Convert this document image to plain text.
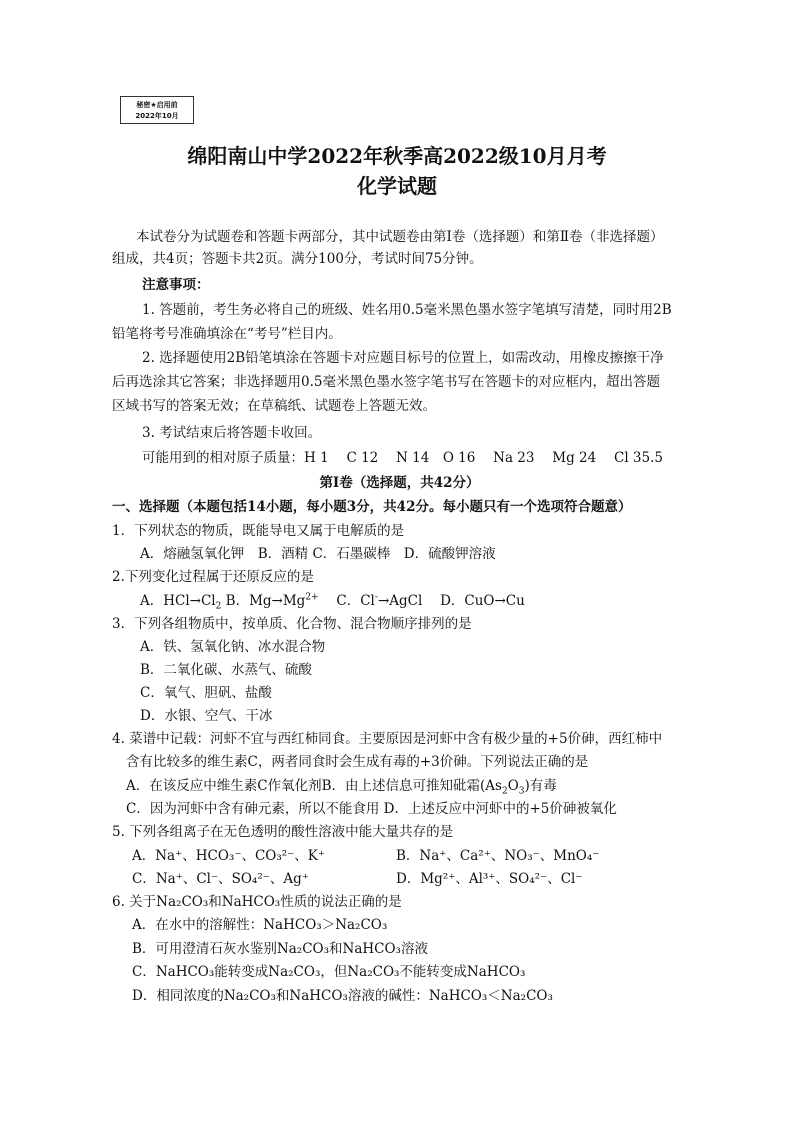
秘密★启用前
2022年10月
绵阳南山中学2022年秋季高2022级10月月考
化学试题
本试卷分为试题卷和答题卡两部分，其中试题卷由第Ⅰ卷（选择题）和第Ⅱ卷（非选择题）
组成，共4页；答题卡共2页。满分100分，考试时间75分钟。
注意事项：
1. 答题前，考生务必将自己的班级、姓名用0.5毫米黑色墨水签字笔填写清楚，同时用2B
铅笔将考号准确填涂在“考号”栏目内。
2. 选择题使用2B铅笔填涂在答题卡对应题目标号的位置上，如需改动，用橡皮擦擦干净
后再选涂其它答案；非选择题用0.5毫米黑色墨水签字笔书写在答题卡的对应框内，超出答题
区域书写的答案无效；在草稿纸、试题卷上答题无效。
3. 考试结束后将答题卡收回。
可能用到的相对原子质量：H 1　 C 12　 N 14　O 16　 Na 23　 Mg 24　 Cl 35.5
第Ⅰ卷（选择题，共42分）
一、选择题（本题包括14小题，每小题3分，共42分。每小题只有一个选项符合题意）
1．下列状态的物质，既能导电又属于电解质的是
A．熔融氢氧化钾　B．酒精 C．石墨碳棒　D．硫酸钾溶液
2.下列变化过程属于还原反应的是
A．$HCl\to Cl_2$ B．$Mg\to Mg^{2+}$　 C．Cl-→AgCl　 D．CuO→Cu
3．下列各组物质中，按单质、化合物、混合物顺序排列的是
A．铁、氢氧化钠、冰水混合物
B．二氧化碳、水蒸气、硫酸
C．氧气、胆矾、盐酸
D．水银、空气、干冰
4. 菜谱中记载：河虾不宜与西红柿同食。主要原因是河虾中含有极少量的+5价砷，西红柿中
含有比较多的维生素C，两者同食时会生成有毒的+3价砷。下列说法正确的是
A．在该反应中维生素C作氧化剂B．由上述信息可推知砒霜$(As_2O_3)$有毒
C．因为河虾中含有砷元素，所以不能食用 D．上述反应中河虾中的+5价砷被氧化
5. 下列各组离子在无色透明的酸性溶液中能大量共存的是
A．Na⁺、HCO₃⁻、CO₃²⁻、K⁺	B．Na⁺、Ca²⁺、NO₃⁻、MnO₄⁻
C．Na⁺、Cl⁻、SO₄²⁻、Ag⁺	D．Mg²⁺、Al³⁺、SO₄²⁻、Cl⁻
6. 关于Na₂CO₃和NaHCO₃性质的说法正确的是
A．在水中的溶解性：NaHCO₃＞Na₂CO₃
B．可用澄清石灰水鉴别Na₂CO₃和NaHCO₃溶液
C．NaHCO₃能转变成Na₂CO₃，但Na₂CO₃不能转变成NaHCO₃
D．相同浓度的Na₂CO₃和NaHCO₃溶液的碱性：NaHCO₃＜Na₂CO₃
